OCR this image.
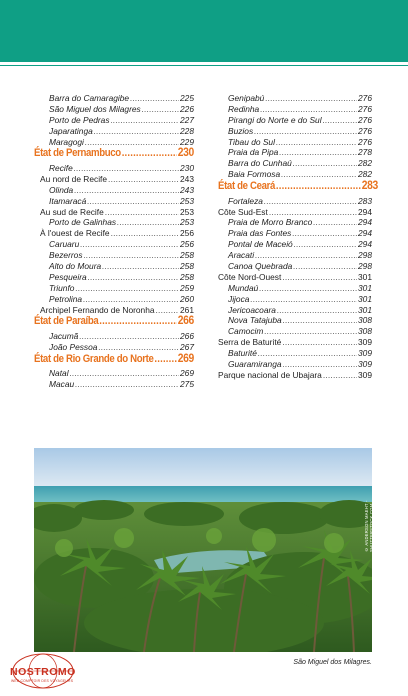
Barra do Camaragibe .....	225
São Miguel dos Milagres .....	226
Porto de Pedras .....	227
Japaratinga .....	228
Maragogi .....	229
État de Pernambuco .....	230
Recife .....	230
Au nord de Recife .....	243
Olinda .....	243
Itamaracá .....	253
Au sud de Recife .....	253
Porto de Galinhas .....	253
À l'ouest de Recife .....	256
Caruaru .....	256
Bezerros .....	258
Alto do Moura .....	258
Pesqueira .....	258
Triunfo .....	259
Petrolina .....	260
Archipel Fernando de Noronha .....	261
État de Paraíba .....	266
Jacumã .....	266
João Pessoa .....	267
État de Rio Grande do Norte ..... 269
Natal .....	269
Macau .....	275
Genipabú .....	276
Redinha .....	276
Pirangi do Norte e do Sul .....	276
Buzios .....	276
Tibau do Sul .....	276
Praia da Pipa .....	278
Barra do Cunhaú .....	282
Baia Formosa .....	282
État de Ceará .....	283
Fortaleza .....	283
Côte Sud-Est .....	294
Praia de Morro Branco .....	294
Praia das Fontes .....	294
Pontal de Maceió .....	294
Aracati .....	298
Canoa Quebrada .....	298
Côte Nord-Ouest .....	301
Mundaú .....	301
Jijoca .....	301
Jericoacoara .....	301
Nova Tatajuba .....	308
Camocim .....	308
Serra de Baturité .....	309
Baturité .....	309
Guaramiranga .....	309
Parque nacional de Ubajara .....	309
© ANDERSON MAEHT - SHUTTERSTOCK.COM
São Miguel dos Milagres.
NOSTROMO
WEB COMPTOIR DES VOYAGEURS
